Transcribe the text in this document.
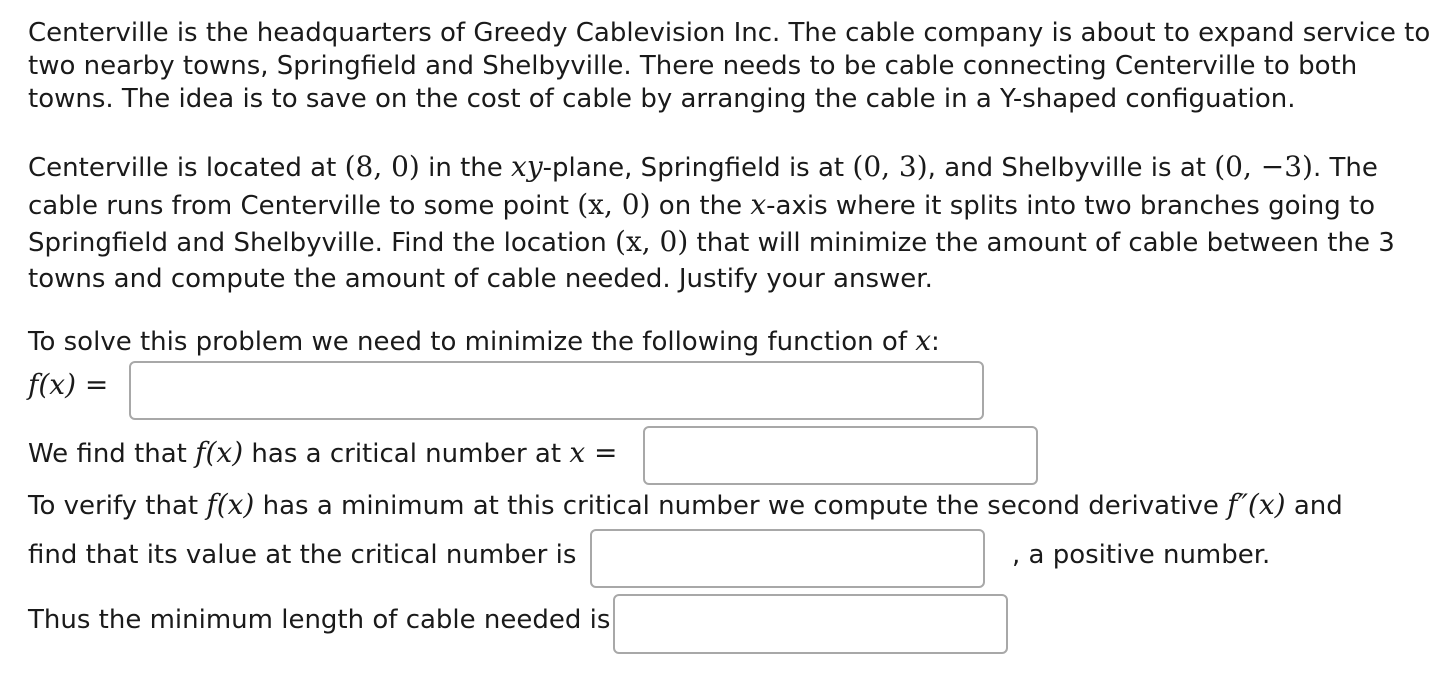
Centerville is the headquarters of Greedy Cablevision Inc. The cable company is about to expand service to
two nearby towns, Springfield and Shelbyville. There needs to be cable connecting Centerville to both
towns. The idea is to save on the cost of cable by arranging the cable in a Y-shaped configuation.
Centerville is located at (8, 0) in the xy-plane, Springfield is at (0, 3), and Shelbyville is at (0, −3). The
cable runs from Centerville to some point (x, 0) on the x-axis where it splits into two branches going to
Springfield and Shelbyville. Find the location (x, 0) that will minimize the amount of cable between the 3
towns and compute the amount of cable needed. Justify your answer.
To solve this problem we need to minimize the following function of x:
f(x) =
We find that f(x) has a critical number at x =
To verify that f(x) has a minimum at this critical number we compute the second derivative f″(x) and
find that its value at the critical number is	, a positive number.
Thus the minimum length of cable needed is
